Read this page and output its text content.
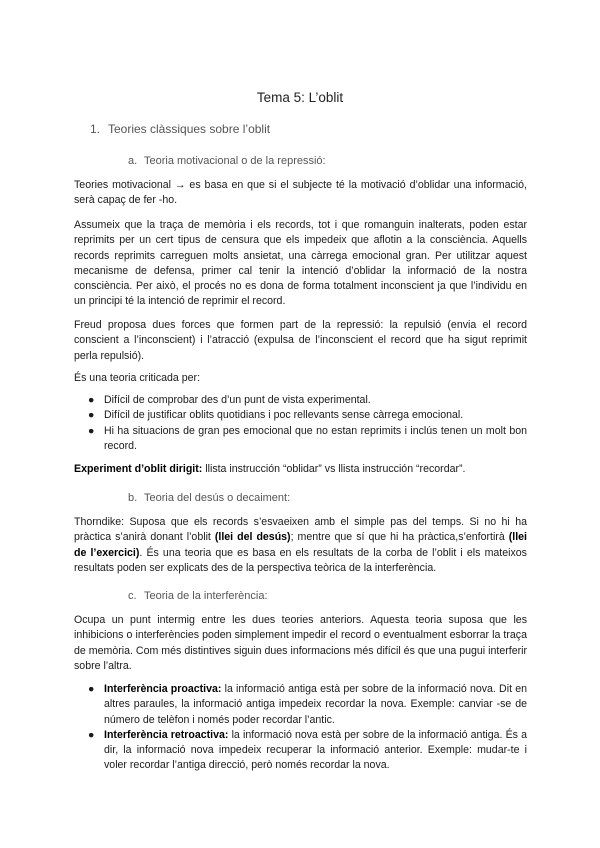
Tema 5: L’oblit
1. Teories clàssiques sobre l’oblit
a. Teoria motivacional o de la repressió:

Teories motivacional → es basa en que si el subjecte té la motivació d’oblidar una informació, serà capaç de fer -ho.

Assumeix que la traça de memòria i els records, tot i que romanguin inalterats, poden estar reprimits per un cert tipus de censura que els impedeix que aflotin a la consciència. Aquells records reprimits carreguen molts ansietat, una càrrega emocional gran. Per utilitzar aquest mecanisme de defensa, primer cal tenir la intenció d’oblidar la informació de la nostra consciència. Per això, el procés no es dona de forma totalment inconscient ja que l’individu en un principi té la intenció de reprimir el record.

Freud proposa dues forces que formen part de la repressió: la repulsió (envia el record conscient a l’inconscient) i l’atracció (expulsa de l’inconscient el record que ha sigut reprimit perla repulsió).

És una teoria criticada per:

● Difícil de comprobar des d’un punt de vista experimental.
● Difícil de justificar oblits quotidians i poc rellevants sense càrrega emocional.
● Hi ha situacions de gran pes emocional que no estan reprimits i inclús tenen un molt bon record.

Experiment d’oblit dirigit: llista instrucción “oblidar” vs llista instrucción “recordar”.

b. Teoria del desús o decaiment:

Thorndike: Suposa que els records s’esvaeixen amb el simple pas del temps. Si no hi ha pràctica s’anirà donant l’oblit (llei del desús); mentre que sí que hi ha pràctica,s’enfortirà (llei de l’exercici). És una teoria que es basa en els resultats de la corba de l’oblit i els mateixos resultats poden ser explicats des de la perspectiva teòrica de la interferència.

c. Teoria de la interferència:

Ocupa un punt intermig entre les dues teories anteriors. Aquesta teoria suposa que les inhibicions o interferències poden simplement impedir el record o eventualment esborrar la traça de memòria. Com més distintives siguin dues informacions més difícil és que una pugui interferir sobre l’altra.

● Interferència proactiva: la informació antiga està per sobre de la informació nova. Dit en altres paraules, la informació antiga impedeix recordar la nova. Exemple: canviar -se de número de telèfon i només poder recordar l’antic.
● Interferència retroactiva: la informació nova està per sobre de la informació antiga. És a dir, la informació nova impedeix recuperar la informació anterior. Exemple: mudar-te i voler recordar l’antiga direcció, però només recordar la nova.
